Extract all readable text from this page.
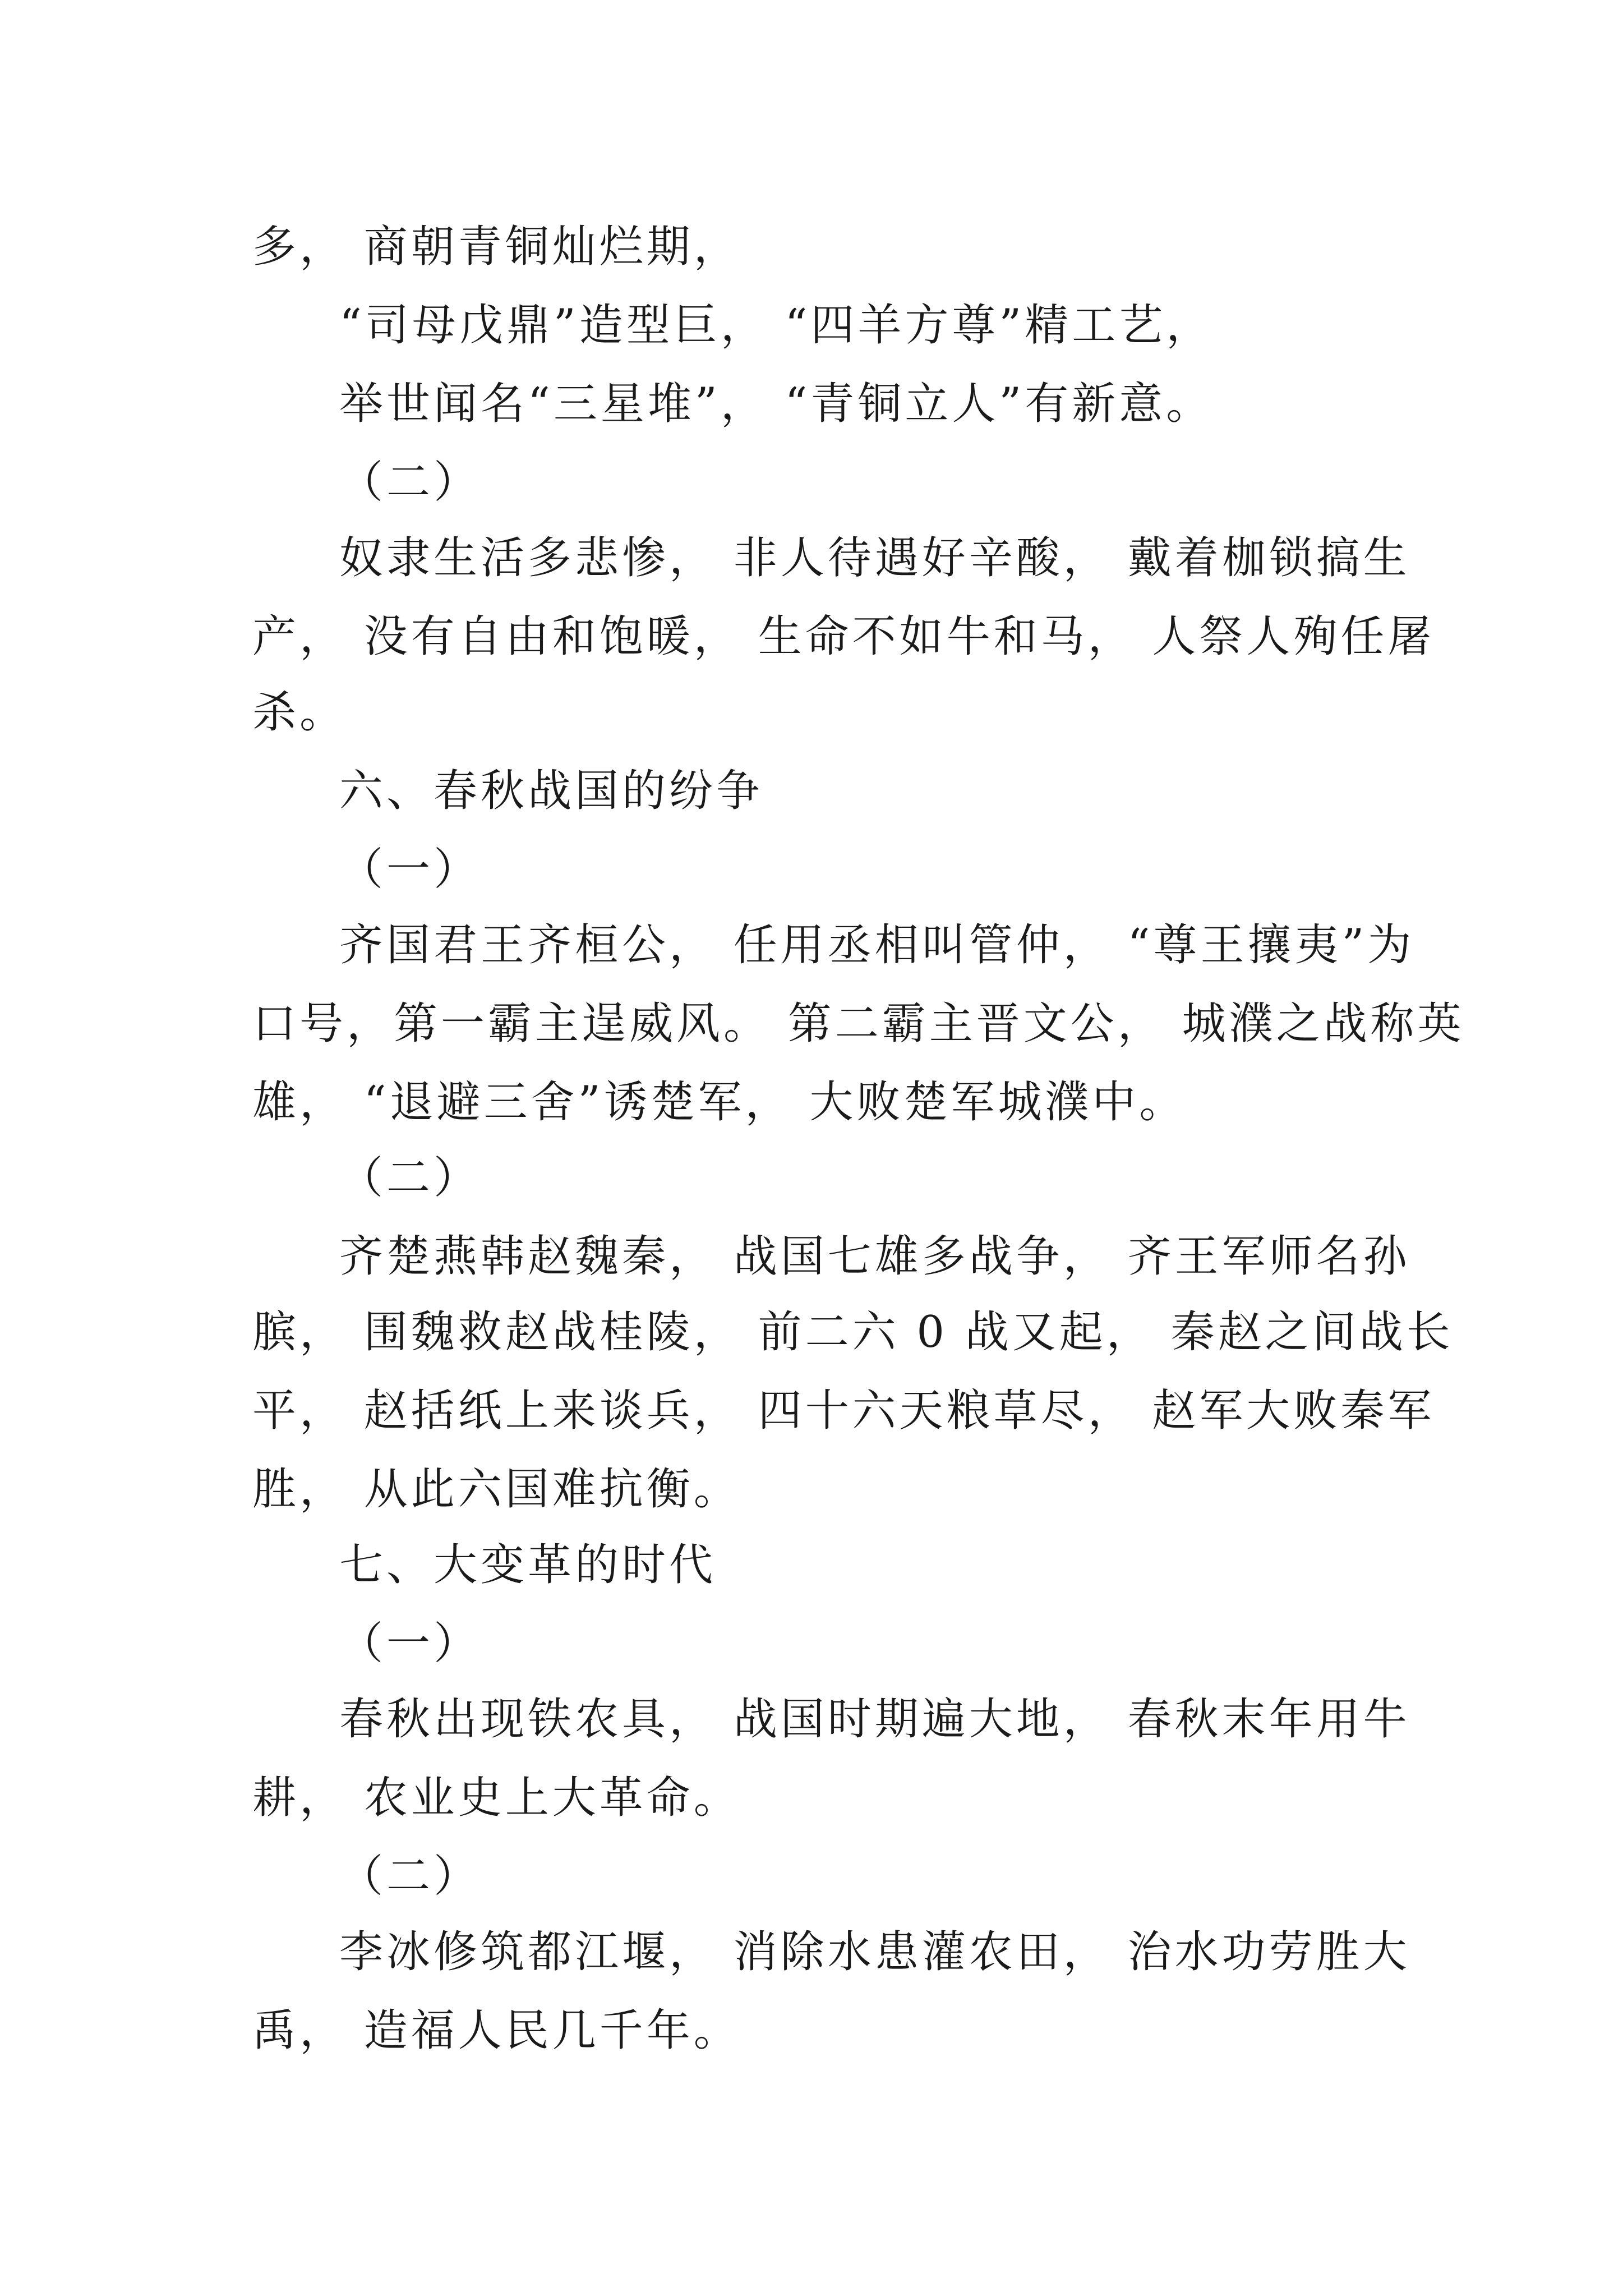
多， 商朝青铜灿烂期，
“司母戊鼎”造型巨， “四羊方尊”精工艺，
举世闻名“三星堆”， “青铜立人”有新意。
（二）
奴隶生活多悲惨， 非人待遇好辛酸， 戴着枷锁搞生
产， 没有自由和饱暖， 生命不如牛和马， 人祭人殉任屠
杀。
六、春秋战国的纷争
（一）
齐国君王齐桓公， 任用丞相叫管仲， “尊王攘夷”为
口号，第一霸主逞威风。 第二霸主晋文公， 城濮之战称英
雄， “退避三舍”诱楚军， 大败楚军城濮中。
（二）
齐楚燕韩赵魏秦， 战国七雄多战争， 齐王军师名孙
膑， 围魏救赵战桂陵， 前二六 0 战又起， 秦赵之间战长
平， 赵括纸上来谈兵， 四十六天粮草尽， 赵军大败秦军
胜， 从此六国难抗衡。
七、大变革的时代
（一）
春秋出现铁农具， 战国时期遍大地， 春秋末年用牛
耕， 农业史上大革命。
（二）
李冰修筑都江堰， 消除水患灌农田， 治水功劳胜大
禹， 造福人民几千年。
